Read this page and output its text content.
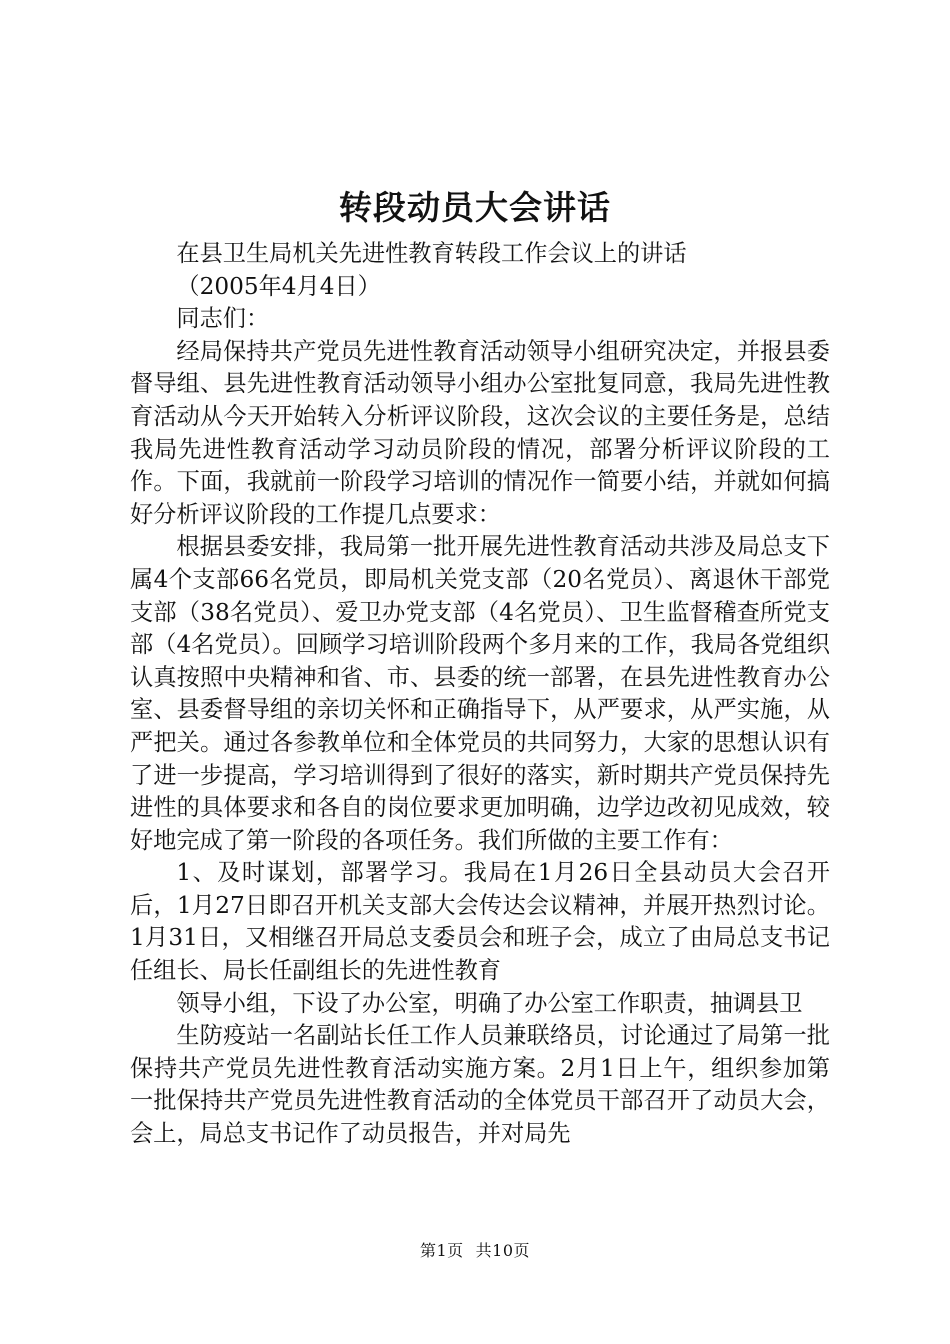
转段动员大会讲话

在县卫生局机关先进性教育转段工作会议上的讲话

（2005年4月4日）

同志们：

经局保持共产党员先进性教育活动领导小组研究决定，并报县委督导组、县先进性教育活动领导小组办公室批复同意，我局先进性教育活动从今天开始转入分析评议阶段，这次会议的主要任务是，总结我局先进性教育活动学习动员阶段的情况，部署分析评议阶段的工作。下面，我就前一阶段学习培训的情况作一简要小结，并就如何搞好分析评议阶段的工作提几点要求：

根据县委安排，我局第一批开展先进性教育活动共涉及局总支下属4个支部66名党员，即局机关党支部（20名党员）、离退休干部党支部（38名党员）、爱卫办党支部（4名党员）、卫生监督稽查所党支部（4名党员）。回顾学习培训阶段两个多月来的工作，我局各党组织认真按照中央精神和省、市、县委的统一部署，在县先进性教育办公室、县委督导组的亲切关怀和正确指导下，从严要求，从严实施，从严把关。通过各参教单位和全体党员的共同努力，大家的思想认识有了进一步提高，学习培训得到了很好的落实，新时期共产党员保持先进性的具体要求和各自的岗位要求更加明确，边学边改初见成效，较好地完成了第一阶段的各项任务。我们所做的主要工作有：

1、及时谋划，部署学习。我局在1月26日全县动员大会召开后，1月27日即召开机关支部大会传达会议精神，并展开热烈讨论。1月31日，又相继召开局总支委员会和班子会，成立了由局总支书记任组长、局长任副组长的先进性教育

领导小组，下设了办公室，明确了办公室工作职责，抽调县卫

生防疫站一名副站长任工作人员兼联络员，讨论通过了局第一批保持共产党员先进性教育活动实施方案。2月1日上午，组织参加第一批保持共产党员先进性教育活动的全体党员干部召开了动员大会，会上，局总支书记作了动员报告，并对局先

第1页 共10页
